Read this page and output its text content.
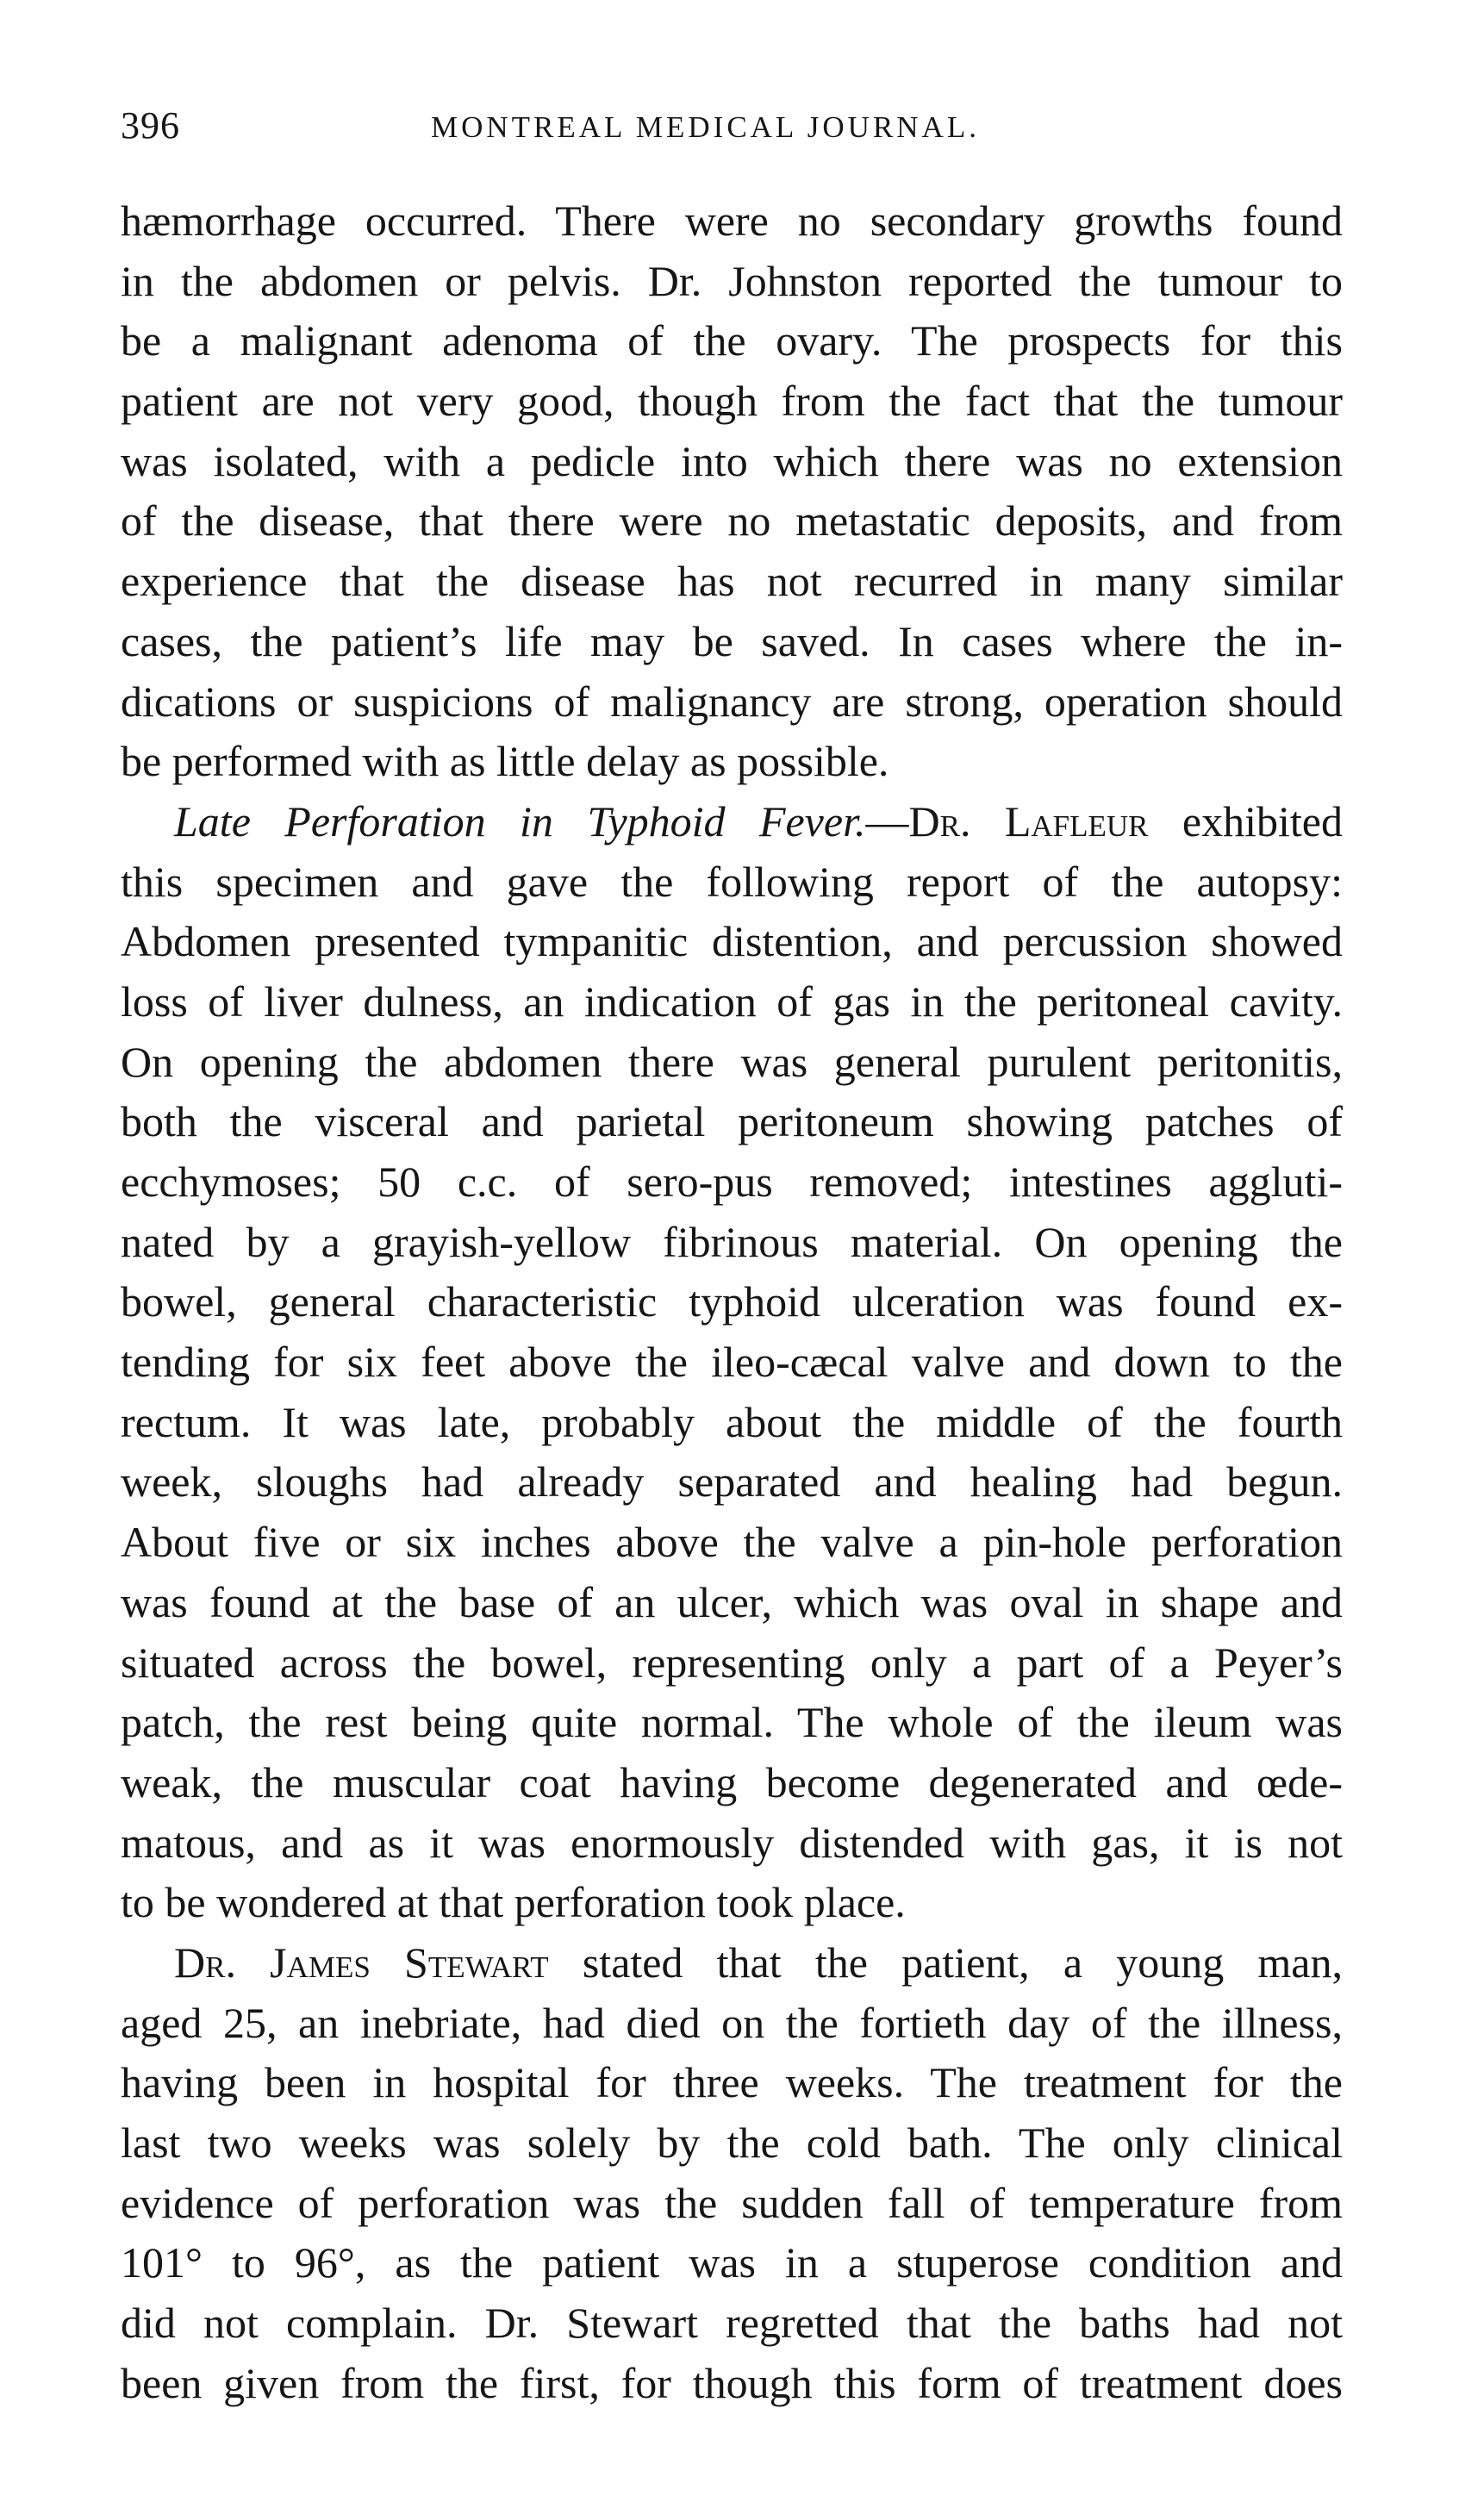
396	MONTREAL MEDICAL JOURNAL.
hæmorrhage occurred. There were no secondary growths found
in the abdomen or pelvis. Dr. Johnston reported the tumour to
be a malignant adenoma of the ovary. The prospects for this
patient are not very good, though from the fact that the tumour
was isolated, with a pedicle into which there was no extension
of the disease, that there were no metastatic deposits, and from
experience that the disease has not recurred in many similar
cases, the patient’s life may be saved. In cases where the in-
dications or suspicions of malignancy are strong, operation should
be performed with as little delay as possible.
Late Perforation in Typhoid Fever.—Dr. Lafleur exhibited
this specimen and gave the following report of the autopsy:
Abdomen presented tympanitic distention, and percussion showed
loss of liver dulness, an indication of gas in the peritoneal cavity.
On opening the abdomen there was general purulent peritonitis,
both the visceral and parietal peritoneum showing patches of
ecchymoses; 50 c.c. of sero-pus removed; intestines aggluti-
nated by a grayish-yellow fibrinous material. On opening the
bowel, general characteristic typhoid ulceration was found ex-
tending for six feet above the ileo-cæcal valve and down to the
rectum. It was late, probably about the middle of the fourth
week, sloughs had already separated and healing had begun.
About five or six inches above the valve a pin-hole perforation
was found at the base of an ulcer, which was oval in shape and
situated across the bowel, representing only a part of a Peyer’s
patch, the rest being quite normal. The whole of the ileum was
weak, the muscular coat having become degenerated and œde-
matous, and as it was enormously distended with gas, it is not
to be wondered at that perforation took place.
Dr. James Stewart stated that the patient, a young man,
aged 25, an inebriate, had died on the fortieth day of the illness,
having been in hospital for three weeks. The treatment for the
last two weeks was solely by the cold bath. The only clinical
evidence of perforation was the sudden fall of temperature from
101° to 96°, as the patient was in a stuperose condition and
did not complain. Dr. Stewart regretted that the baths had not
been given from the first, for though this form of treatment does
